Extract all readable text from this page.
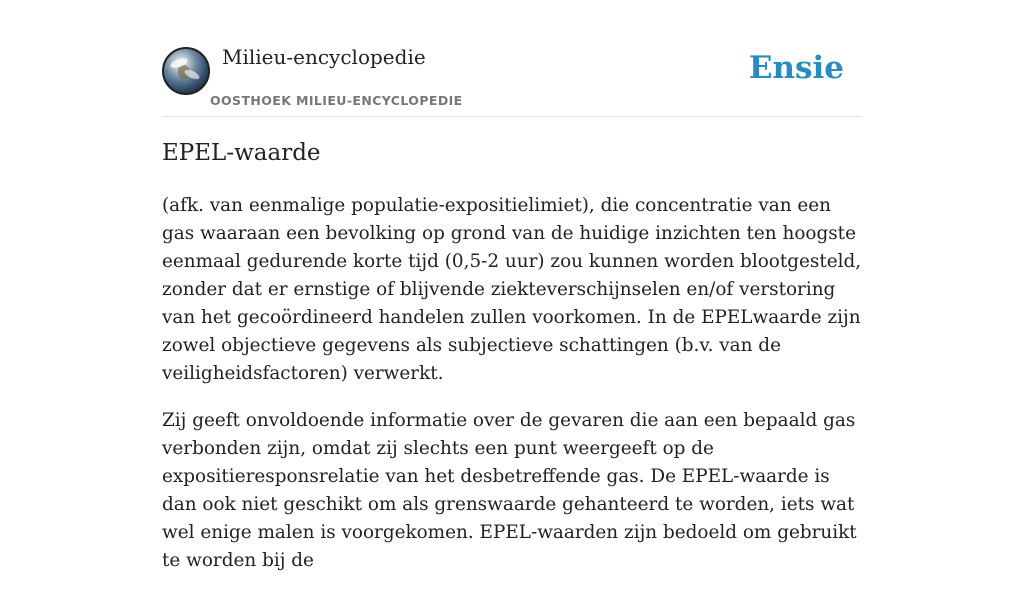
Milieu-encyclopedie
OOSTHOEK MILIEU-ENCYCLOPEDIE
Ensie
EPEL-waarde

(afk. van eenmalige populatie-expositielimiet), die concentratie van een gas waaraan een bevolking op grond van de huidige inzichten ten hoogste eenmaal gedurende korte tijd (0,5-2 uur) zou kunnen worden blootgesteld, zonder dat er ernstige of blijvende ziekteverschijnselen en/of verstoring van het gecoördineerd handelen zullen voorkomen. In de EPELwaarde zijn zowel objectieve gegevens als subjectieve schattingen (b.v. van de veiligheidsfactoren) verwerkt.

Zij geeft onvoldoende informatie over de gevaren die aan een bepaald gas verbonden zijn, omdat zij slechts een punt weergeeft op de expositieresponsrelatie van het desbetreffende gas. De EPEL-waarde is dan ook niet geschikt om als grenswaarde gehanteerd te worden, iets wat wel enige malen is voorgekomen. EPEL-waarden zijn bedoeld om gebruikt te worden bij de
